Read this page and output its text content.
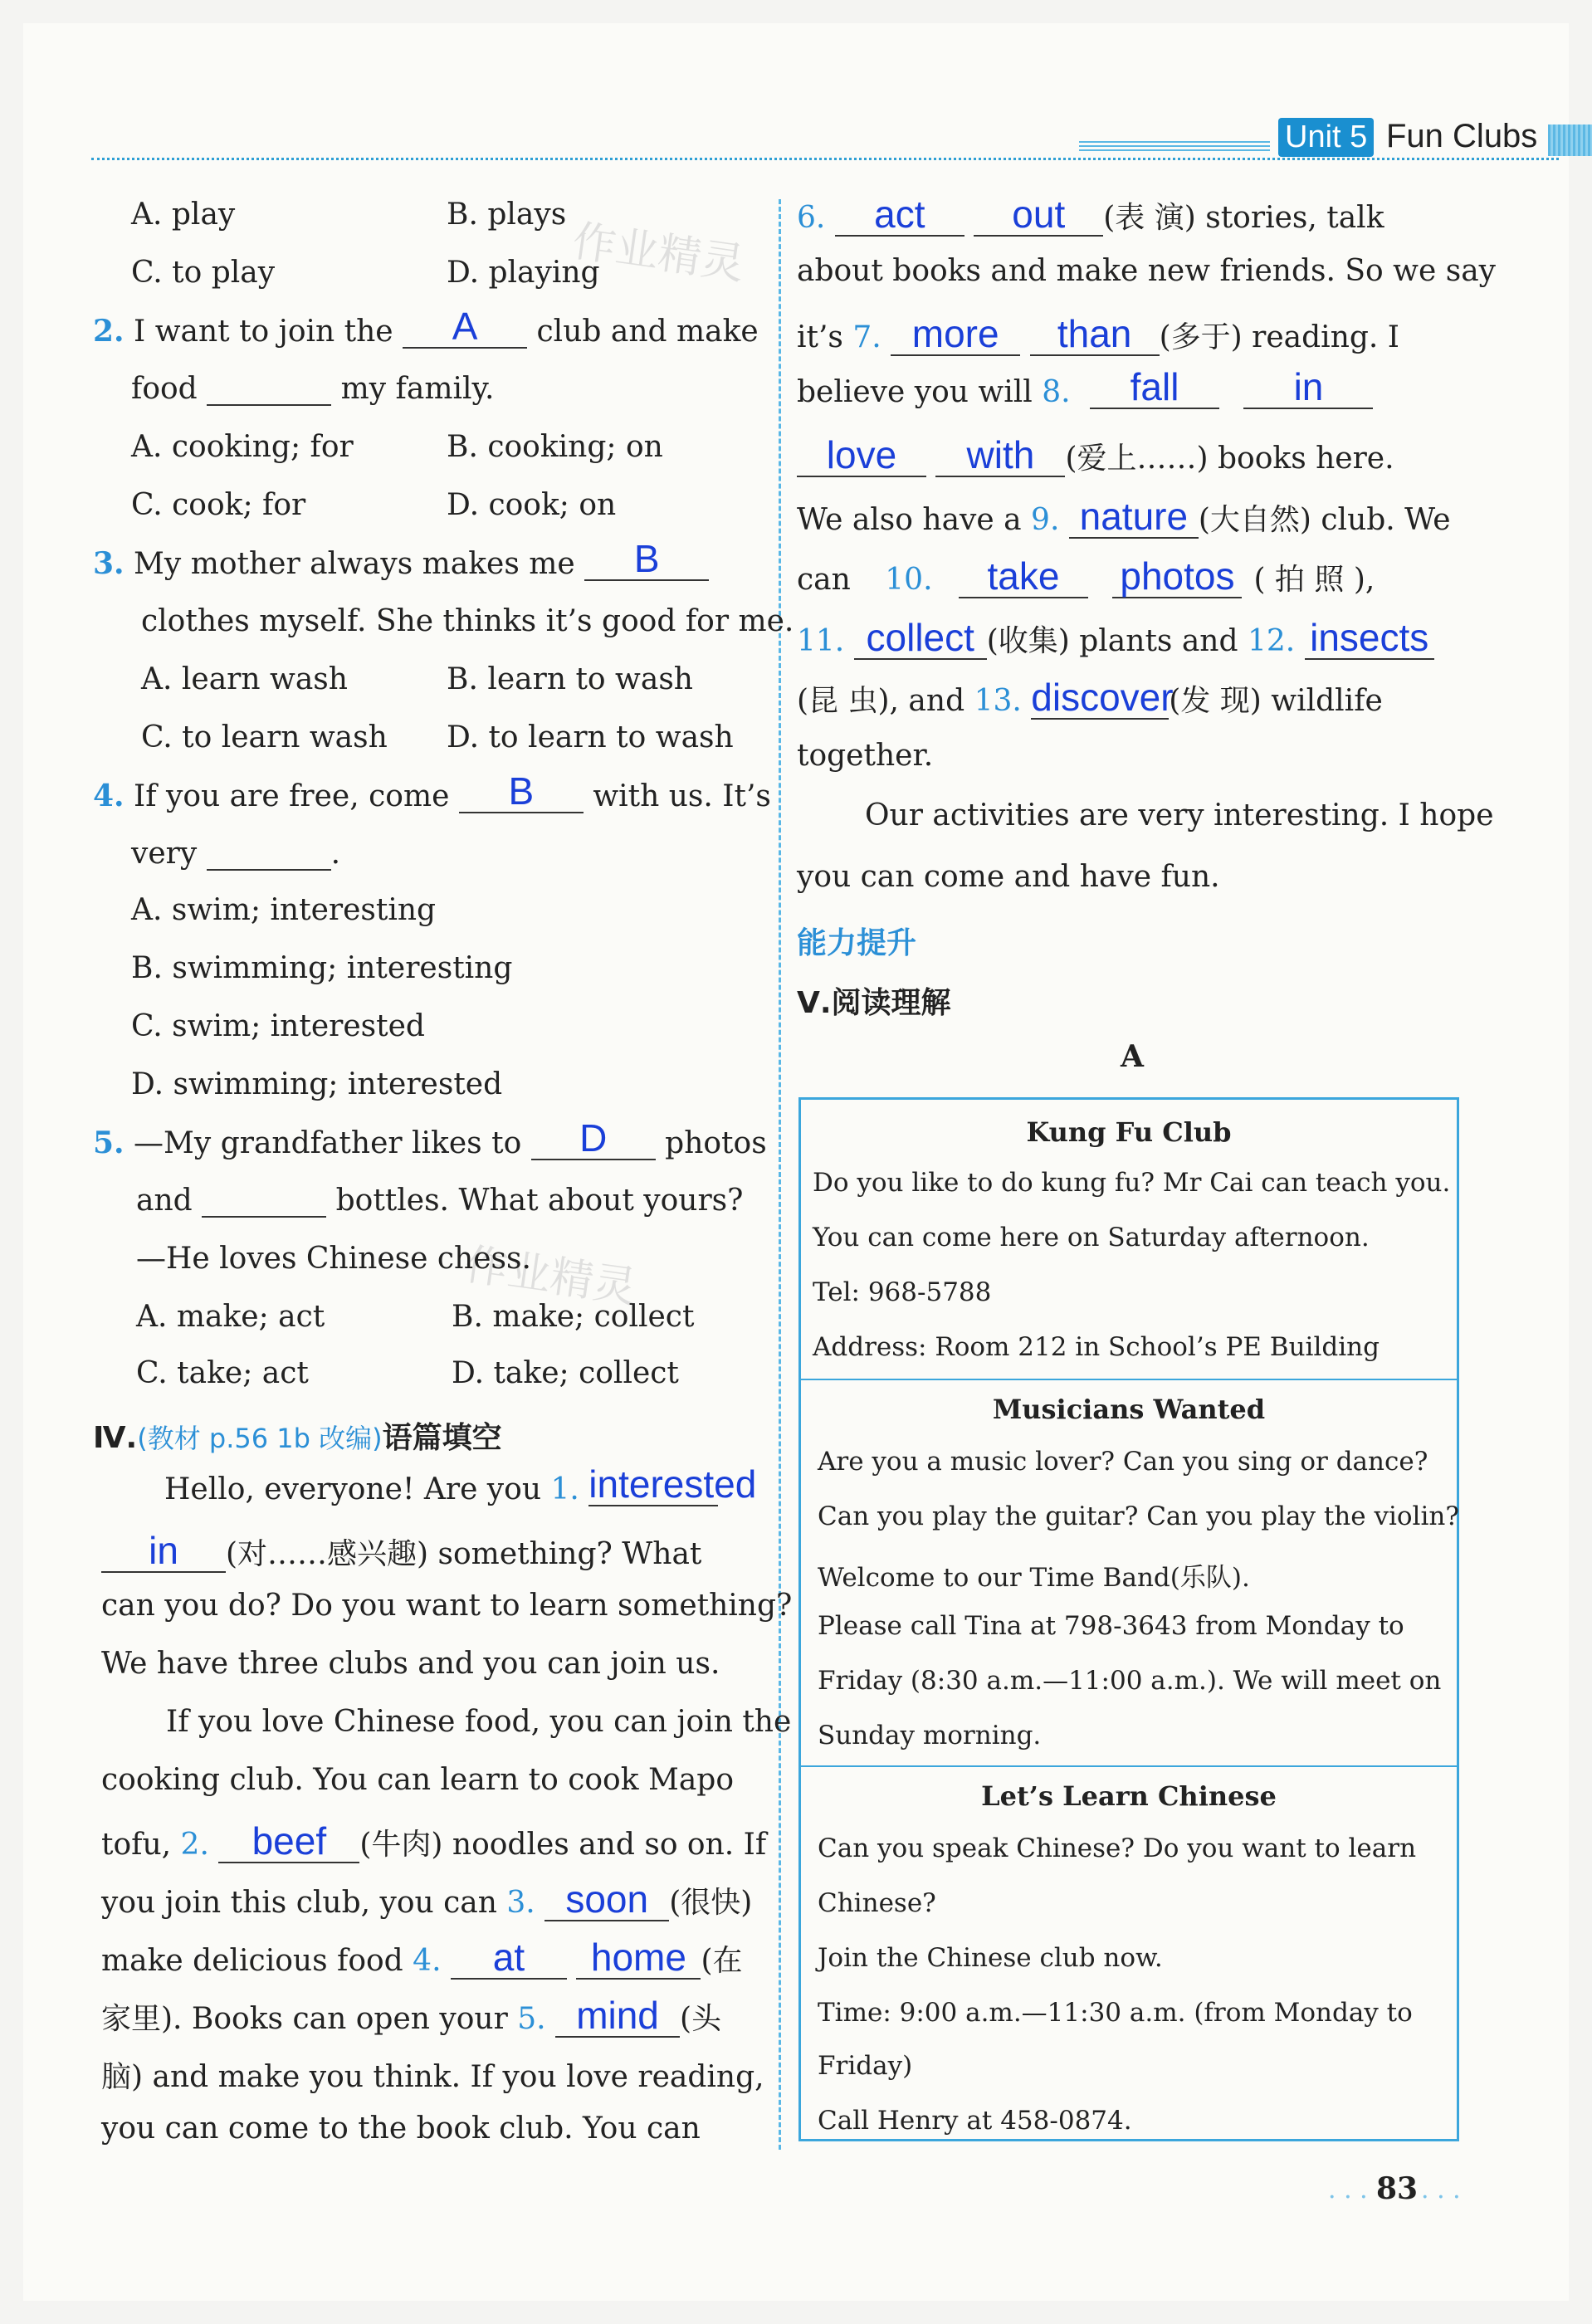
Unit 5 Fun Clubs
作业精灵
作业精灵
A. play	B. plays
C. to play	D. playing
2. I want to join the	A	club and make
food	my family.
A. cooking; for	B. cooking; on
C. cook; for	D. cook; on
3. My mother always makes me	B
clothes myself. She thinks it’s good for me.
A. learn wash	B. learn to wash
C. to learn wash D. to learn to wash
4. If you are free, come	B	with us. It’s
very	.
A. swim; interesting
B. swimming; interesting
C. swim; interested
D. swimming; interested
5. —My grandfather likes to	D	photos
and	bottles. What about yours?
—He loves Chinese chess.
A. make; act	B. make; collect
C. take; act	D. take; collect
Ⅳ.(教材 p.56 1b 改编)语篇填空
Hello, everyone! Are you 1. interested
in	(对……感兴趣) something? What
can you do? Do you want to learn something?
We have three clubs and you can join us.
If you love Chinese food, you can join the
cooking club. You can learn to cook Mapo
tofu, 2.	beef	(牛肉) noodles and so on. If
you join this club, you can 3. soon (很快)
make delicious food 4.	at
	home (在
家里). Books can open your 5. mind (头
脑) and make you think. If you love reading,
you can come to the book club. You can
6.	act
	out	(表 演) stories, talk
about books and make new friends. So we say
it’s 7. more
	than (多于) reading. I
believe you will 8.	fall
	in
love
	with	(爱上……) books here.
We also have a 9. nature (大自然) club. We
can 10.	take
	photos ( 拍 照 ),
11. collect (收集) plants and 12. insects
(昆 虫), and 13. discover
(发 现) wildlife
together.
Our activities are very interesting. I hope
you can come and have fun.
能力提升
Ⅴ.阅读理解
A
Kung Fu Club
Do you like to do kung fu? Mr Cai can teach you.
You can come here on Saturday afternoon.
Tel: 968-5788
Address: Room 212 in School’s PE Building
Musicians Wanted
Are you a music lover? Can you sing or dance?
Can you play the guitar? Can you play the violin?
Welcome to our Time Band(乐队).
Please call Tina at 798-3643 from Monday to
Friday (8:30 a.m.—11:00 a.m.). We will meet on
Sunday morning.
Let’s Learn Chinese
Can you speak Chinese? Do you want to learn
Chinese?
Join the Chinese club now.
Time: 9:00 a.m.—11:30 a.m. (from Monday to
Friday)
Call Henry at 458-0874.
· · · 83 · · ·
